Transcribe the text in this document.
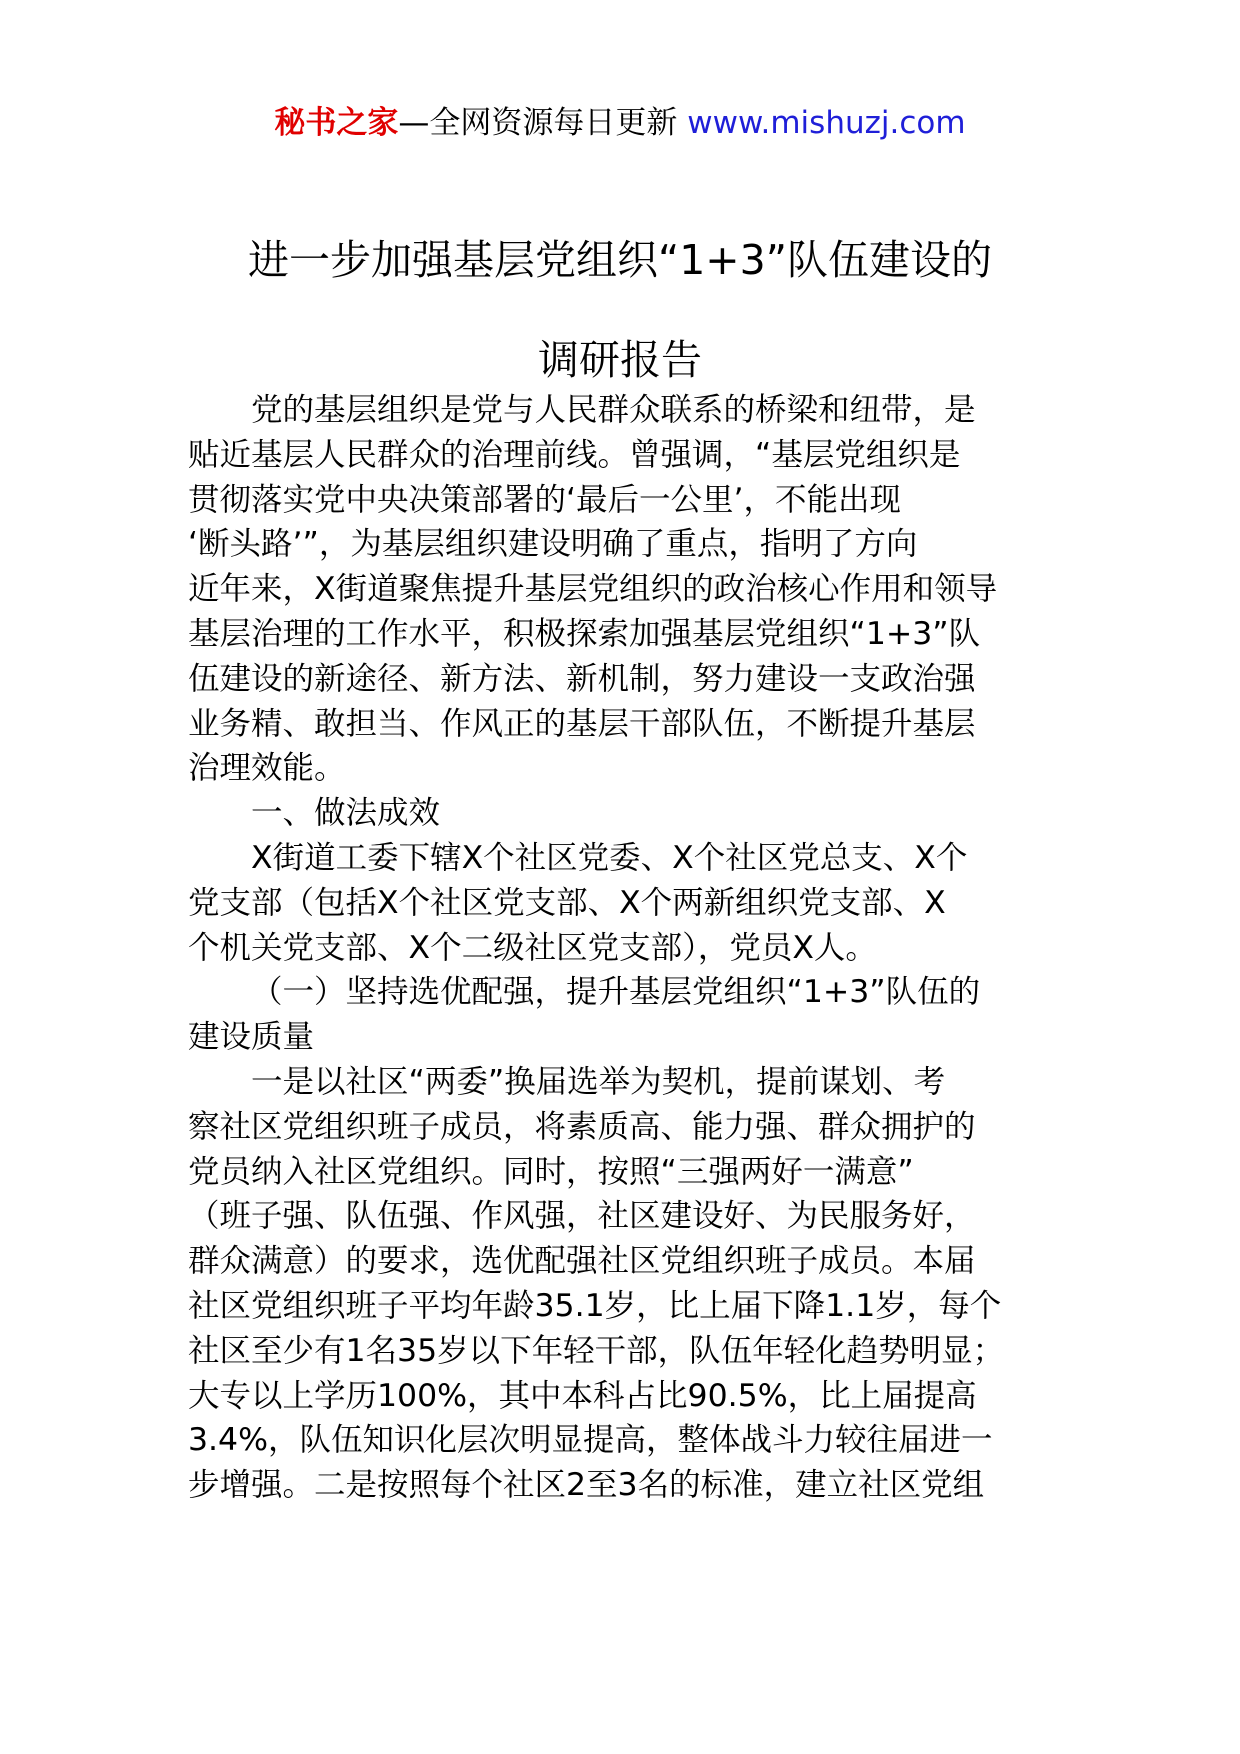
秘书之家—全网资源每日更新 www.mishuzj.com
进一步加强基层党组织“1+3”队伍建设的
调研报告
党的基层组织是党与人民群众联系的桥梁和纽带，是
贴近基层人民群众的治理前线。曾强调，“基层党组织是
贯彻落实党中央决策部署的‘最后一公里’，不能出现
‘断头路’”，为基层组织建设明确了重点，指明了方向
近年来，X街道聚焦提升基层党组织的政治核心作用和领导
基层治理的工作水平，积极探索加强基层党组织“1+3”队
伍建设的新途径、新方法、新机制，努力建设一支政治强
业务精、敢担当、作风正的基层干部队伍，不断提升基层
治理效能。
一、做法成效
X街道工委下辖X个社区党委、X个社区党总支、X个
党支部（包括X个社区党支部、X个两新组织党支部、X
个机关党支部、X个二级社区党支部），党员X人。
（一）坚持选优配强，提升基层党组织“1+3”队伍的
建设质量
一是以社区“两委”换届选举为契机，提前谋划、考
察社区党组织班子成员，将素质高、能力强、群众拥护的
党员纳入社区党组织。同时，按照“三强两好一满意”
（班子强、队伍强、作风强，社区建设好、为民服务好，
群众满意）的要求，选优配强社区党组织班子成员。本届
社区党组织班子平均年龄35.1岁，比上届下降1.1岁，每个
社区至少有1名35岁以下年轻干部，队伍年轻化趋势明显；
大专以上学历100%，其中本科占比90.5%，比上届提高
3.4%，队伍知识化层次明显提高，整体战斗力较往届进一
步增强。二是按照每个社区2至3名的标准，建立社区党组
